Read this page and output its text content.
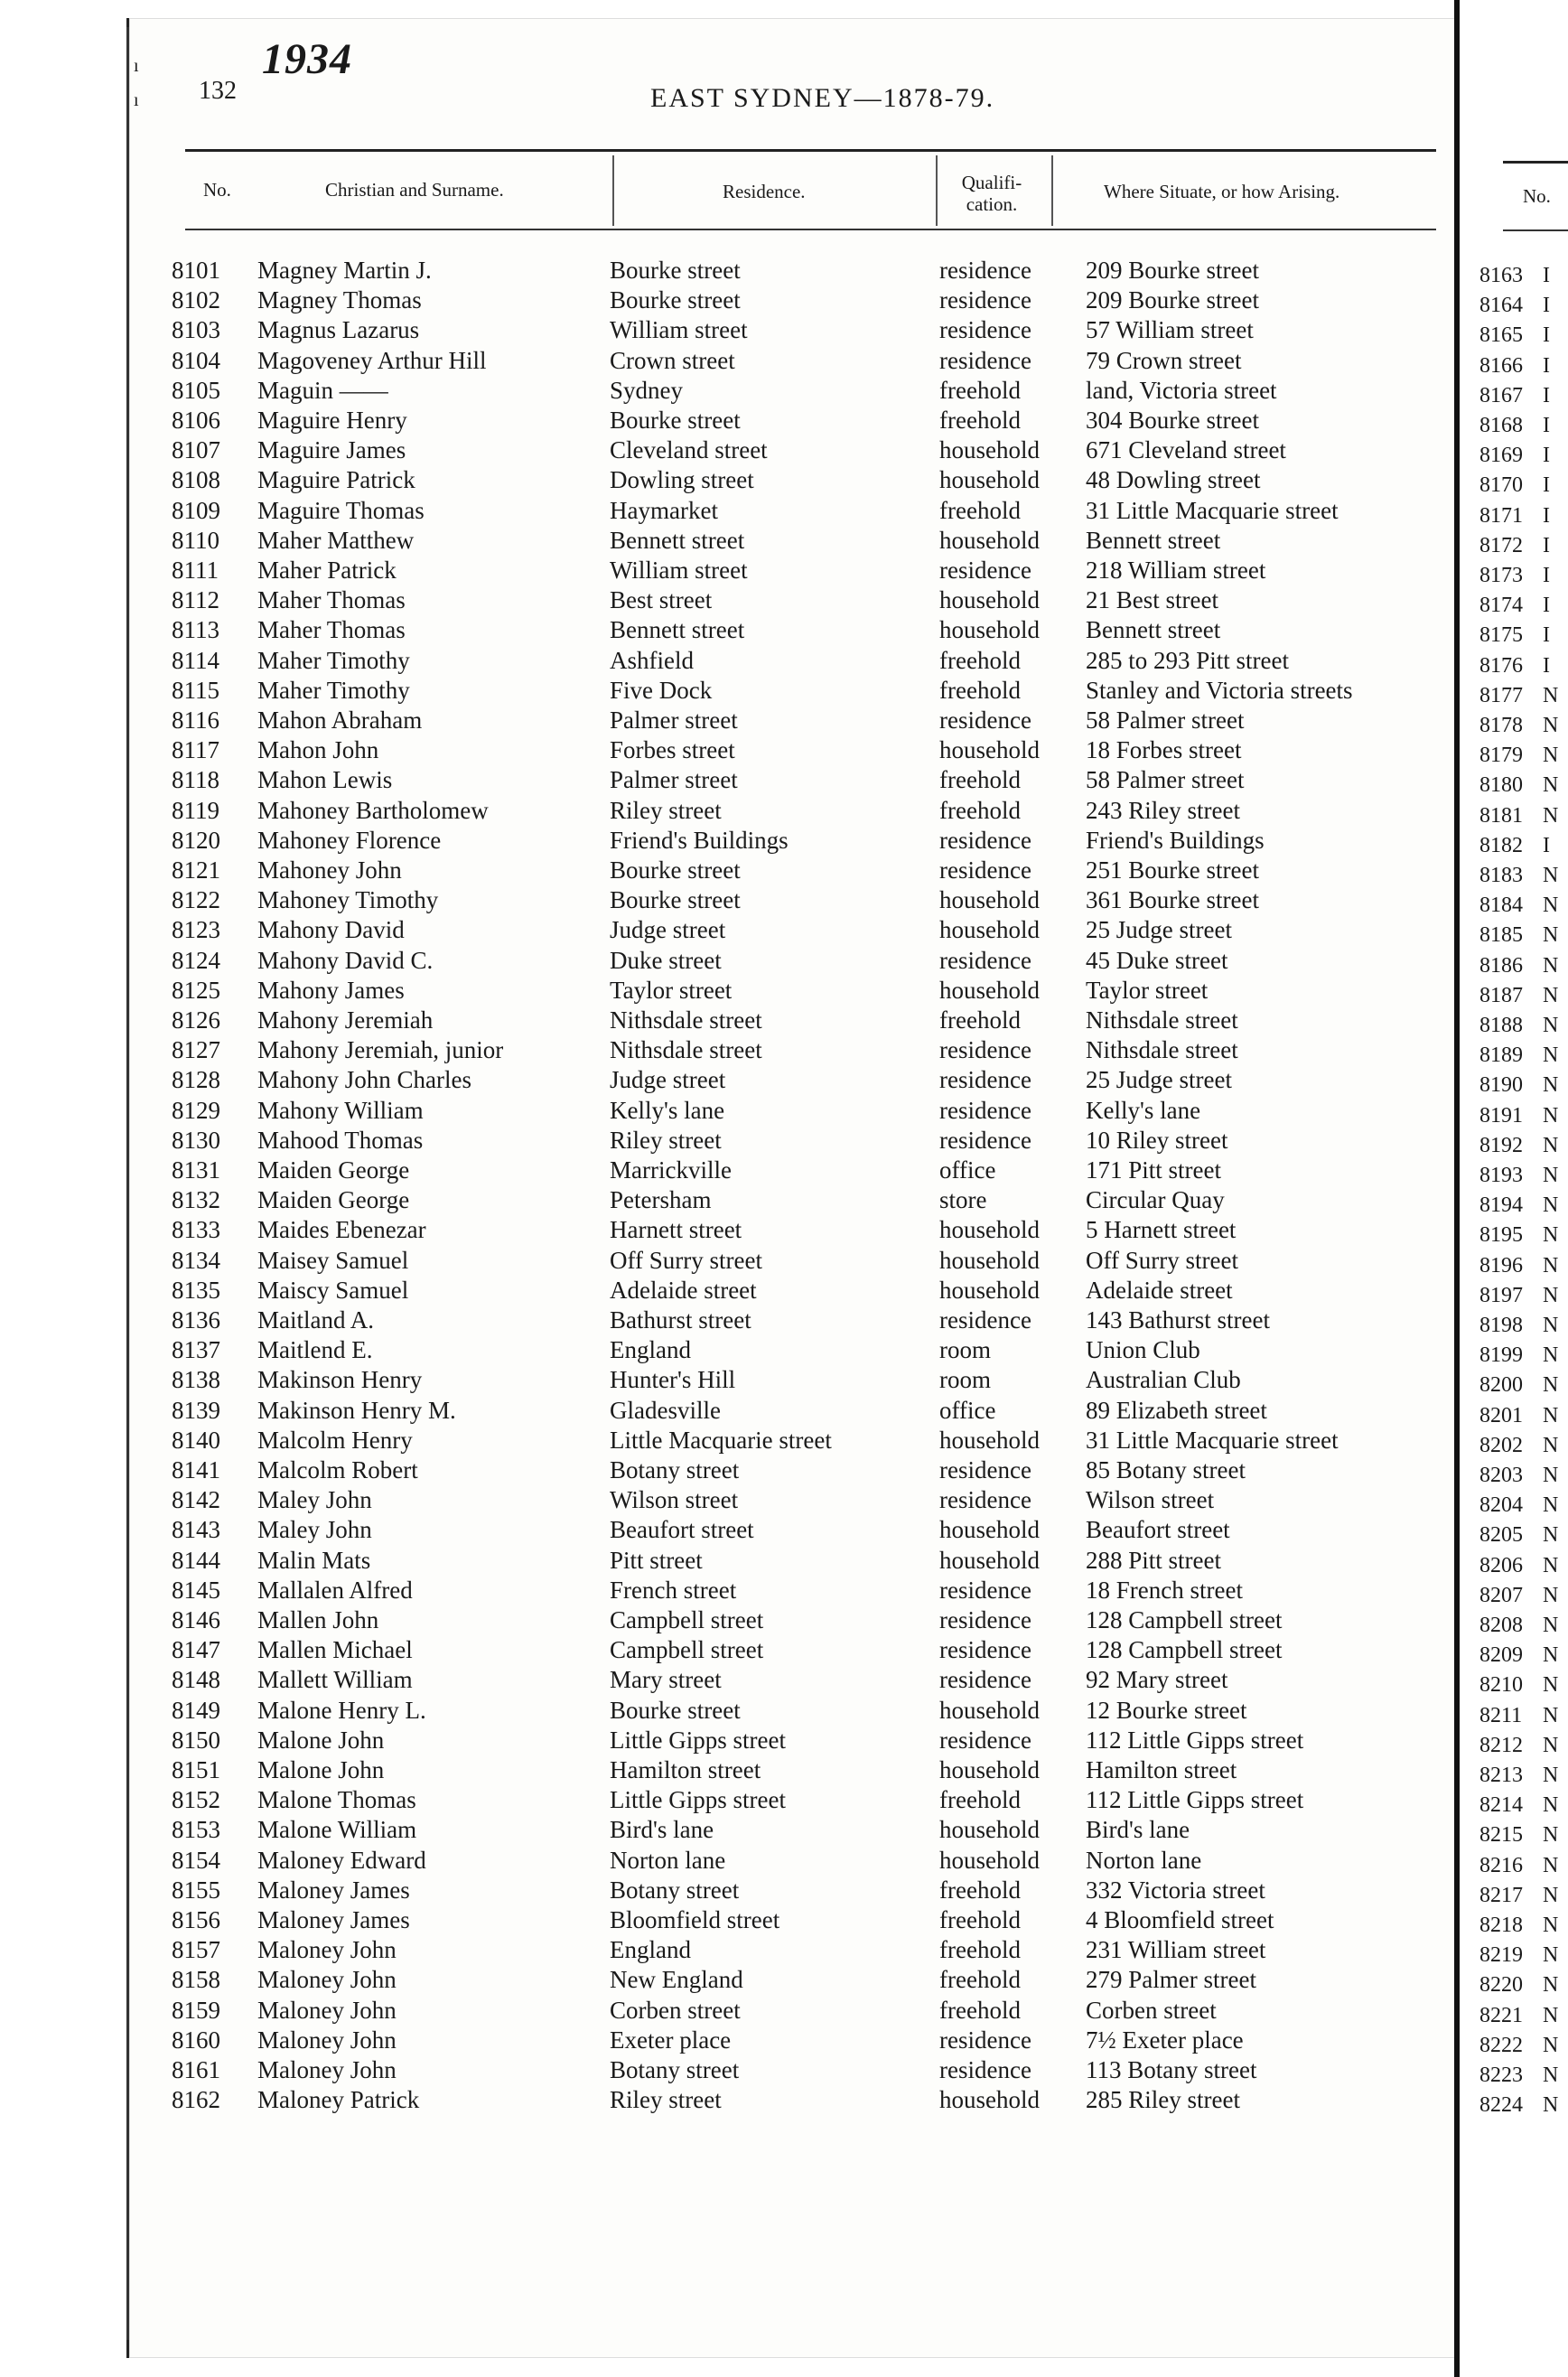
132
1934
EAST SYDNEY—1878-79.
No.	Christian and Surname.	Residence.	Qualifi-
cation.
Where Situate, or how Arising.
8101 Magney Martin J.	Bourke street	residence 209 Bourke street
8102 Magney Thomas	Bourke street	residence 209 Bourke street
8103 Magnus Lazarus	William street	residence 57 William street
8104 Magoveney Arthur Hill	Crown street	residence 79 Crown street
8105 Maguin ——	Sydney	freehold	land, Victoria street
8106 Maguire Henry	Bourke street	freehold	304 Bourke street
8107 Maguire James	Cleveland street	household 671 Cleveland street
8108 Maguire Patrick	Dowling street	household 48 Dowling street
8109 Maguire Thomas	Haymarket	freehold	31 Little Macquarie street
8110 Maher Matthew	Bennett street	household Bennett street
8111 Maher Patrick	William street	residence 218 William street
8112 Maher Thomas	Best street	household 21 Best street
8113 Maher Thomas	Bennett street	household Bennett street
8114 Maher Timothy	Ashfield	freehold	285 to 293 Pitt street
8115 Maher Timothy	Five Dock	freehold	Stanley and Victoria streets
8116 Mahon Abraham	Palmer street	residence 58 Palmer street
8117 Mahon John	Forbes street	household 18 Forbes street
8118 Mahon Lewis	Palmer street	freehold	58 Palmer street
8119 Mahoney Bartholomew	Riley street	freehold	243 Riley street
8120 Mahoney Florence	Friend's Buildings	residence Friend's Buildings
8121 Mahoney John	Bourke street	residence 251 Bourke street
8122 Mahoney Timothy	Bourke street	household 361 Bourke street
8123 Mahony David	Judge street	household 25 Judge street
8124 Mahony David C.	Duke street	residence 45 Duke street
8125 Mahony James	Taylor street	household Taylor street
8126 Mahony Jeremiah	Nithsdale street	freehold	Nithsdale street
8127 Mahony Jeremiah, junior	Nithsdale street	residence Nithsdale street
8128 Mahony John Charles	Judge street	residence 25 Judge street
8129 Mahony William	Kelly's lane	residence Kelly's lane
8130 Mahood Thomas	Riley street	residence 10 Riley street
8131 Maiden George	Marrickville	office	171 Pitt street
8132 Maiden George	Petersham	store	Circular Quay
8133 Maides Ebenezar	Harnett street	household 5 Harnett street
8134 Maisey Samuel	Off Surry street	household Off Surry street
8135 Maiscy Samuel	Adelaide street	household Adelaide street
8136 Maitland A.	Bathurst street	residence 143 Bathurst street
8137 Maitlend E.	England	room	Union Club
8138 Makinson Henry	Hunter's Hill	room	Australian Club
8139 Makinson Henry M.	Gladesville	office	89 Elizabeth street
8140 Malcolm Henry	Little Macquarie street	household 31 Little Macquarie street
8141 Malcolm Robert	Botany street	residence 85 Botany street
8142 Maley John	Wilson street	residence Wilson street
8143 Maley John	Beaufort street	household Beaufort street
8144 Malin Mats	Pitt street	household 288 Pitt street
8145 Mallalen Alfred	French street	residence 18 French street
8146 Mallen John	Campbell street	residence 128 Campbell street
8147 Mallen Michael	Campbell street	residence 128 Campbell street
8148 Mallett William	Mary street	residence 92 Mary street
8149 Malone Henry L.	Bourke street	household 12 Bourke street
8150 Malone John	Little Gipps street	residence 112 Little Gipps street
8151 Malone John	Hamilton street	household Hamilton street
8152 Malone Thomas	Little Gipps street	freehold	112 Little Gipps street
8153 Malone William	Bird's lane	household Bird's lane
8154 Maloney Edward	Norton lane	household Norton lane
8155 Maloney James	Botany street	freehold	332 Victoria street
8156 Maloney James	Bloomfield street	freehold	4 Bloomfield street
8157 Maloney John	England	freehold	231 William street
8158 Maloney John	New England	freehold	279 Palmer street
8159 Maloney John	Corben street	freehold	Corben street
8160 Maloney John	Exeter place	residence 7½ Exeter place
8161 Maloney John	Botany street	residence 113 Botany street
8162 Maloney Patrick	Riley street	household 285 Riley street
No.
8163 I
8164 I
8165 I
8166 I
8167 I
8168 I
8169 I
8170 I
8171 I
8172 I
8173 I
8174 I
8175 I
8176 I
8177 N
8178 N
8179 N
8180 N
8181 N
8182 I
8183 N
8184 N
8185 N
8186 N
8187 N
8188 N
8189 N
8190 N
8191 N
8192 N
8193 N
8194 N
8195 N
8196 N
8197 N
8198 N
8199 N
8200 N
8201 N
8202 N
8203 N
8204 N
8205 N
8206 N
8207 N
8208 N
8209 N
8210 N
8211 N
8212 N
8213 N
8214 N
8215 N
8216 N
8217 N
8218 N
8219 N
8220 N
8221 N
8222 N
8223 N
8224 N
ı
ı
